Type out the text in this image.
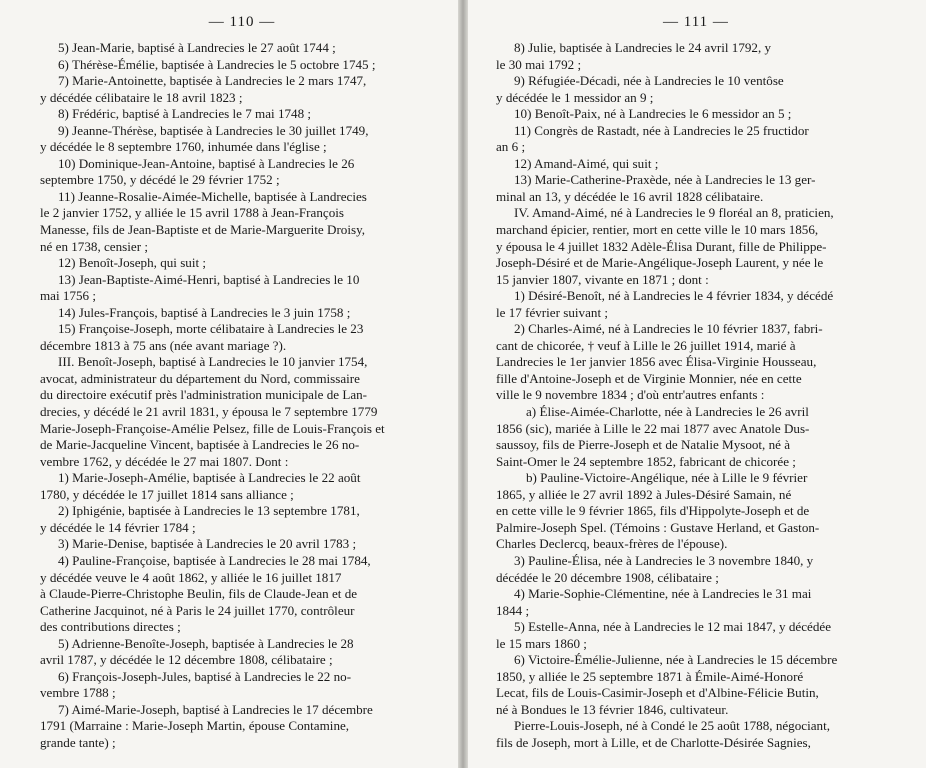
— 110 —
5) Jean-Marie, baptisé à Landrecies le 27 août 1744 ;
6) Thérèse-Émélie, baptisée à Landrecies le 5 octobre 1745 ;
7) Marie-Antoinette, baptisée à Landrecies le 2 mars 1747,
y décédée célibataire le 18 avril 1823 ;
8) Frédéric, baptisé à Landrecies le 7 mai 1748 ;
9) Jeanne-Thérèse, baptisée à Landrecies le 30 juillet 1749,
y décédée le 8 septembre 1760, inhumée dans l'église ;
10) Dominique-Jean-Antoine, baptisé à Landrecies le 26
septembre 1750, y décédé le 29 février 1752 ;
11) Jeanne-Rosalie-Aimée-Michelle, baptisée à Landrecies
le 2 janvier 1752, y alliée le 15 avril 1788 à Jean-François
Manesse, fils de Jean-Baptiste et de Marie-Marguerite Droisy,
né en 1738, censier ;
12) Benoît-Joseph, qui suit ;
13) Jean-Baptiste-Aimé-Henri, baptisé à Landrecies le 10
mai 1756 ;
14) Jules-François, baptisé à Landrecies le 3 juin 1758 ;
15) Françoise-Joseph, morte célibataire à Landrecies le 23
décembre 1813 à 75 ans (née avant mariage ?).
III. Benoît-Joseph, baptisé à Landrecies le 10 janvier 1754,
avocat, administrateur du département du Nord, commissaire
du directoire exécutif près l'administration municipale de Lan-
drecies, y décédé le 21 avril 1831, y épousa le 7 septembre 1779
Marie-Joseph-Françoise-Amélie Pelsez, fille de Louis-François et
de Marie-Jacqueline Vincent, baptisée à Landrecies le 26 no-
vembre 1762, y décédée le 27 mai 1807. Dont :
1) Marie-Joseph-Amélie, baptisée à Landrecies le 22 août
1780, y décédée le 17 juillet 1814 sans alliance ;
2) Iphigénie, baptisée à Landrecies le 13 septembre 1781,
y décédée le 14 février 1784 ;
3) Marie-Denise, baptisée à Landrecies le 20 avril 1783 ;
4) Pauline-Françoise, baptisée à Landrecies le 28 mai 1784,
y décédée veuve le 4 août 1862, y alliée le 16 juillet 1817
à Claude-Pierre-Christophe Beulin, fils de Claude-Jean et de
Catherine Jacquinot, né à Paris le 24 juillet 1770, contrôleur
des contributions directes ;
5) Adrienne-Benoîte-Joseph, baptisée à Landrecies le 28
avril 1787, y décédée le 12 décembre 1808, célibataire ;
6) François-Joseph-Jules, baptisé à Landrecies le 22 no-
vembre 1788 ;
7) Aimé-Marie-Joseph, baptisé à Landrecies le 17 décembre
1791 (Marraine : Marie-Joseph Martin, épouse Contamine,
grande tante) ;
— 111 —
8) Julie, baptisée à Landrecies le 24 avril 1792, y
le 30 mai 1792 ;
9) Réfugiée-Décadi, née à Landrecies le 10 ventôse
y décédée le 1 messidor an 9 ;
10) Benoît-Paix, né à Landrecies le 6 messidor an 5 ;
11) Congrès de Rastadt, née à Landrecies le 25 fructidor
an 6 ;
12) Amand-Aimé, qui suit ;
13) Marie-Catherine-Praxède, née à Landrecies le 13 ger-
minal an 13, y décédée le 16 avril 1828 célibataire.
IV. Amand-Aimé, né à Landrecies le 9 floréal an 8, praticien,
marchand épicier, rentier, mort en cette ville le 10 mars 1856,
y épousa le 4 juillet 1832 Adèle-Élisa Durant, fille de Philippe-
Joseph-Désiré et de Marie-Angélique-Joseph Laurent, y née le
15 janvier 1807, vivante en 1871 ; dont :
1) Désiré-Benoît, né à Landrecies le 4 février 1834, y décédé
le 17 février suivant ;
2) Charles-Aimé, né à Landrecies le 10 février 1837, fabri-
cant de chicorée, † veuf à Lille le 26 juillet 1914, marié à
Landrecies le 1er janvier 1856 avec Élisa-Virginie Housseau,
fille d'Antoine-Joseph et de Virginie Monnier, née en cette
ville le 9 novembre 1834 ; d'où entr'autres enfants :
a) Élise-Aimée-Charlotte, née à Landrecies le 26 avril
1856 (sic), mariée à Lille le 22 mai 1877 avec Anatole Dus-
saussoy, fils de Pierre-Joseph et de Natalie Mysoot, né à
Saint-Omer le 24 septembre 1852, fabricant de chicorée ;
b) Pauline-Victoire-Angélique, née à Lille le 9 février
1865, y alliée le 27 avril 1892 à Jules-Désiré Samain, né
en cette ville le 9 février 1865, fils d'Hippolyte-Joseph et de
Palmire-Joseph Spel. (Témoins : Gustave Herland, et Gaston-
Charles Declercq, beaux-frères de l'épouse).
3) Pauline-Élisa, née à Landrecies le 3 novembre 1840, y
décédée le 20 décembre 1908, célibataire ;
4) Marie-Sophie-Clémentine, née à Landrecies le 31 mai
1844 ;
5) Estelle-Anna, née à Landrecies le 12 mai 1847, y décédée
le 15 mars 1860 ;
6) Victoire-Émélie-Julienne, née à Landrecies le 15 décembre
1850, y alliée le 25 septembre 1871 à Émile-Aimé-Honoré
Lecat, fils de Louis-Casimir-Joseph et d'Albine-Félicie Butin,
né à Bondues le 13 février 1846, cultivateur.
Pierre-Louis-Joseph, né à Condé le 25 août 1788, négociant,
fils de Joseph, mort à Lille, et de Charlotte-Désirée Sagnies,
